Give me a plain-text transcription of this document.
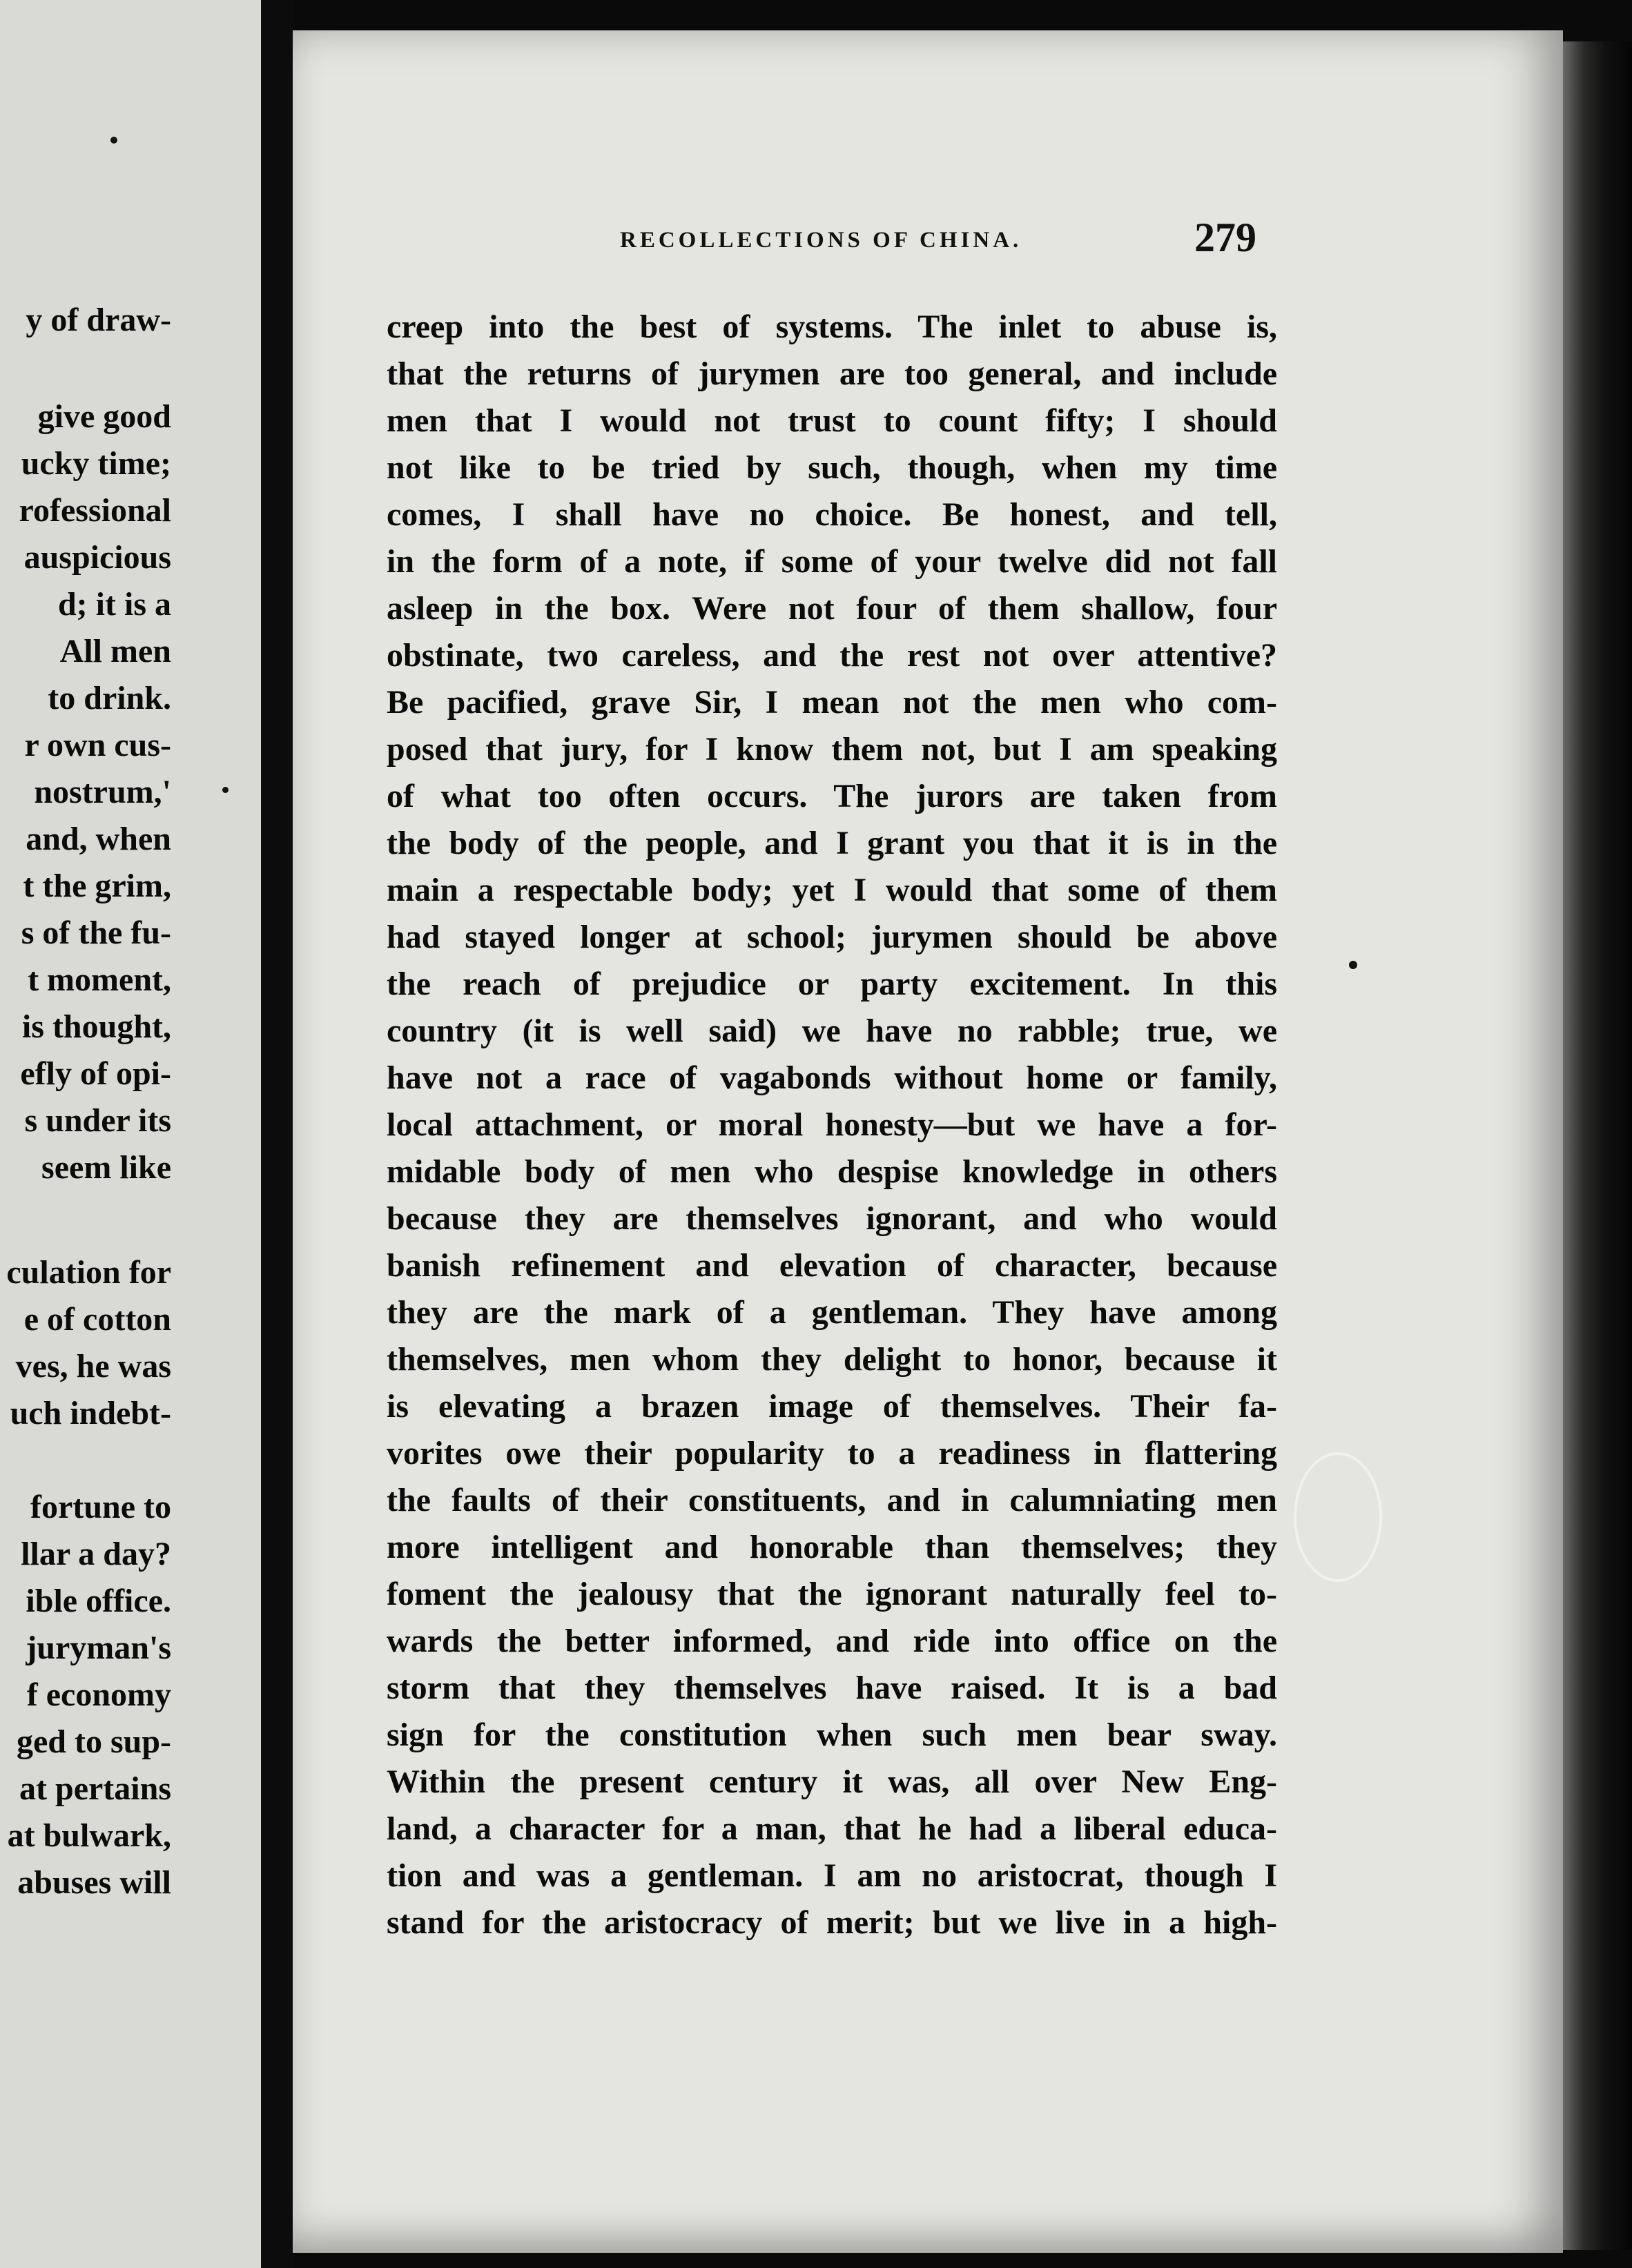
y of draw-
give good
ucky time;
rofessional
auspicious
d; it is a
All men
to drink.
r own cus-
nostrum,'
and, when
t the grim,
s of the fu-
t moment,
is thought,
efly of opi-
s under its
seem like
culation for
e of cotton
ves, he was
uch indebt-
fortune to
llar a day?
ible office.
juryman's
f economy
ged to sup-
at pertains
at bulwark,
abuses will
RECOLLECTIONS OF CHINA.	279
creep into the best of systems. The inlet to abuse is,
that the returns of jurymen are too general, and include
men that I would not trust to count fifty; I should
not like to be tried by such, though, when my time
comes, I shall have no choice. Be honest, and tell,
in the form of a note, if some of your twelve did not fall
asleep in the box. Were not four of them shallow, four
obstinate, two careless, and the rest not over attentive?
Be pacified, grave Sir, I mean not the men who com-
posed that jury, for I know them not, but I am speaking
of what too often occurs. The jurors are taken from
the body of the people, and I grant you that it is in the
main a respectable body; yet I would that some of them
had stayed longer at school; jurymen should be above
the reach of prejudice or party excitement. In this
country (it is well said) we have no rabble; true, we
have not a race of vagabonds without home or family,
local attachment, or moral honesty—but we have a for-
midable body of men who despise knowledge in others
because they are themselves ignorant, and who would
banish refinement and elevation of character, because
they are the mark of a gentleman. They have among
themselves, men whom they delight to honor, because it
is elevating a brazen image of themselves. Their fa-
vorites owe their popularity to a readiness in flattering
the faults of their constituents, and in calumniating men
more intelligent and honorable than themselves; they
foment the jealousy that the ignorant naturally feel to-
wards the better informed, and ride into office on the
storm that they themselves have raised. It is a bad
sign for the constitution when such men bear sway.
Within the present century it was, all over New Eng-
land, a character for a man, that he had a liberal educa-
tion and was a gentleman. I am no aristocrat, though I
stand for the aristocracy of merit; but we live in a high-
